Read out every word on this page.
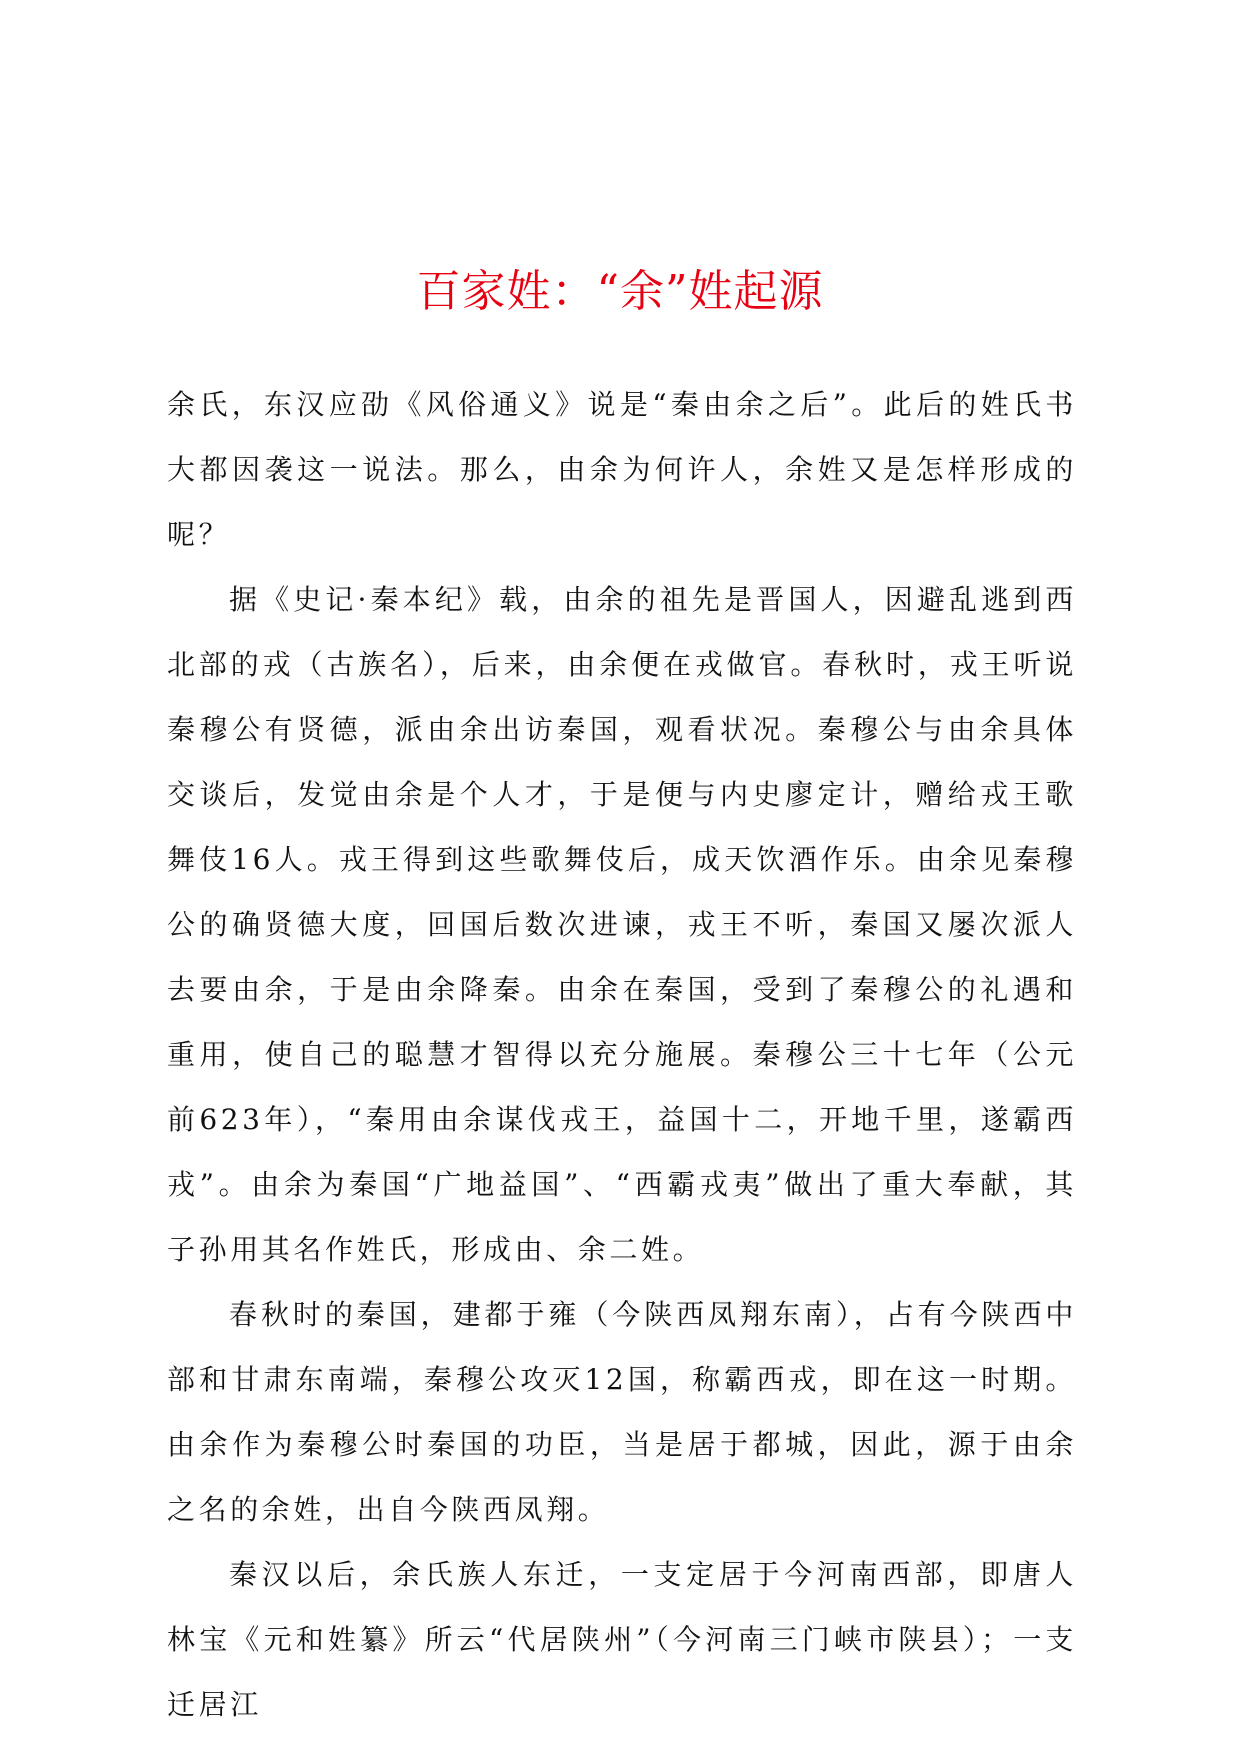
百家姓：“余”姓起源

余氏，东汉应劭《风俗通义》说是“秦由余之后”。此后的姓氏书大都因袭这一说法。那么，由余为何许人，余姓又是怎样形成的呢？

据《史记·秦本纪》载，由余的祖先是晋国人，因避乱逃到西北部的戎（古族名），后来，由余便在戎做官。春秋时，戎王听说秦穆公有贤德，派由余出访秦国，观看状况。秦穆公与由余具体交谈后，发觉由余是个人才，于是便与内史廖定计，赠给戎王歌舞伎16人。戎王得到这些歌舞伎后，成天饮酒作乐。由余见秦穆公的确贤德大度，回国后数次进谏，戎王不听，秦国又屡次派人去要由余，于是由余降秦。由余在秦国，受到了秦穆公的礼遇和重用，使自己的聪慧才智得以充分施展。秦穆公三十七年（公元前623年），“秦用由余谋伐戎王，益国十二，开地千里，遂霸西戎”。由余为秦国“广地益国”、“西霸戎夷”做出了重大奉献，其子孙用其名作姓氏，形成由、余二姓。

春秋时的秦国，建都于雍（今陕西凤翔东南），占有今陕西中部和甘肃东南端，秦穆公攻灭12国，称霸西戎，即在这一时期。由余作为秦穆公时秦国的功臣，当是居于都城，因此，源于由余之名的余姓，出自今陕西凤翔。

秦汉以后，余氏族人东迁，一支定居于今河南西部，即唐人林宝《元和姓纂》所云“代居陕州”（今河南三门峡市陕县）；一支迁居江
